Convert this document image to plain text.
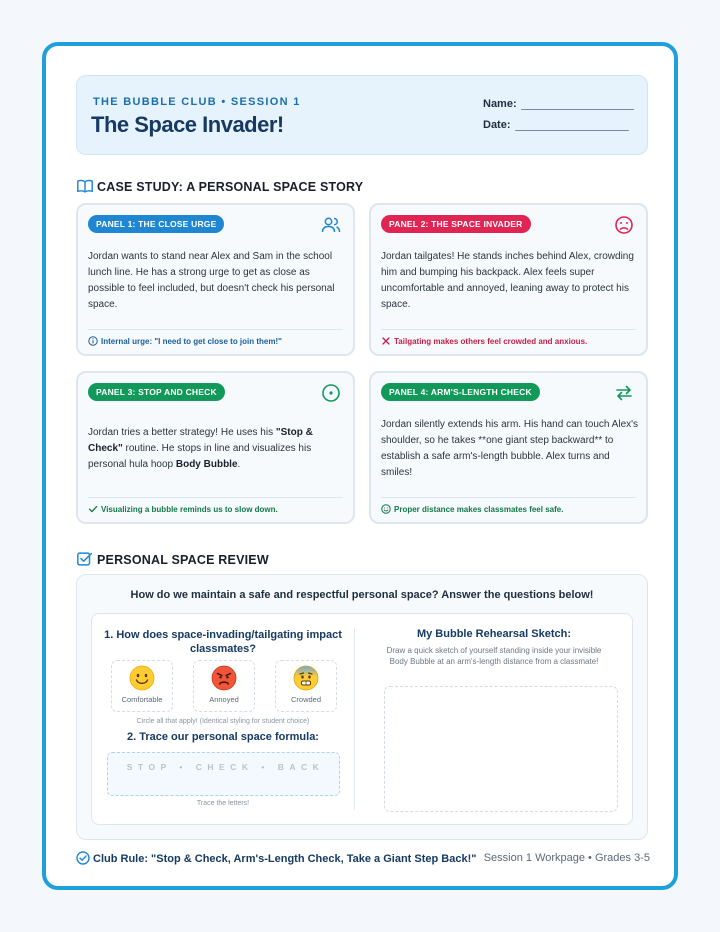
THE BUBBLE CLUB • SESSION 1
The Space Invader!
Name:
Date:
CASE STUDY: A PERSONAL SPACE STORY
PANEL 1: THE CLOSE URGE
Jordan wants to stand near Alex and Sam in the school lunch line. He has a strong urge to get as close as possible to feel included, but doesn't check his personal space.
Internal urge: "I need to get close to join them!"
PANEL 2: THE SPACE INVADER
Jordan tailgates! He stands inches behind Alex, crowding him and bumping his backpack. Alex feels super uncomfortable and annoyed, leaning away to protect his space.
Tailgating makes others feel crowded and anxious.
PANEL 3: STOP AND CHECK
Jordan tries a better strategy! He uses his "Stop & Check" routine. He stops in line and visualizes his personal hula hoop Body Bubble.
Visualizing a bubble reminds us to slow down.
PANEL 4: ARM'S-LENGTH CHECK
Jordan silently extends his arm. His hand can touch Alex's shoulder, so he takes **one giant step backward** to establish a safe arm's-length bubble. Alex turns and smiles!
Proper distance makes classmates feel safe.
PERSONAL SPACE REVIEW
How do we maintain a safe and respectful personal space? Answer the questions below!
1. How does space-invading/tailgating impact classmates?
Comfortable	Annoyed	Crowded
Circle all that apply! (Identical styling for student choice)
2. Trace our personal space formula:
STOP • CHECK • BACK
Trace the letters!
My Bubble Rehearsal Sketch:
Draw a quick sketch of yourself standing inside your invisible Body Bubble at an arm's-length distance from a classmate!
Club Rule: "Stop & Check, Arm's-Length Check, Take a Giant Step Back!" Session 1 Workpage • Grades 3-5
